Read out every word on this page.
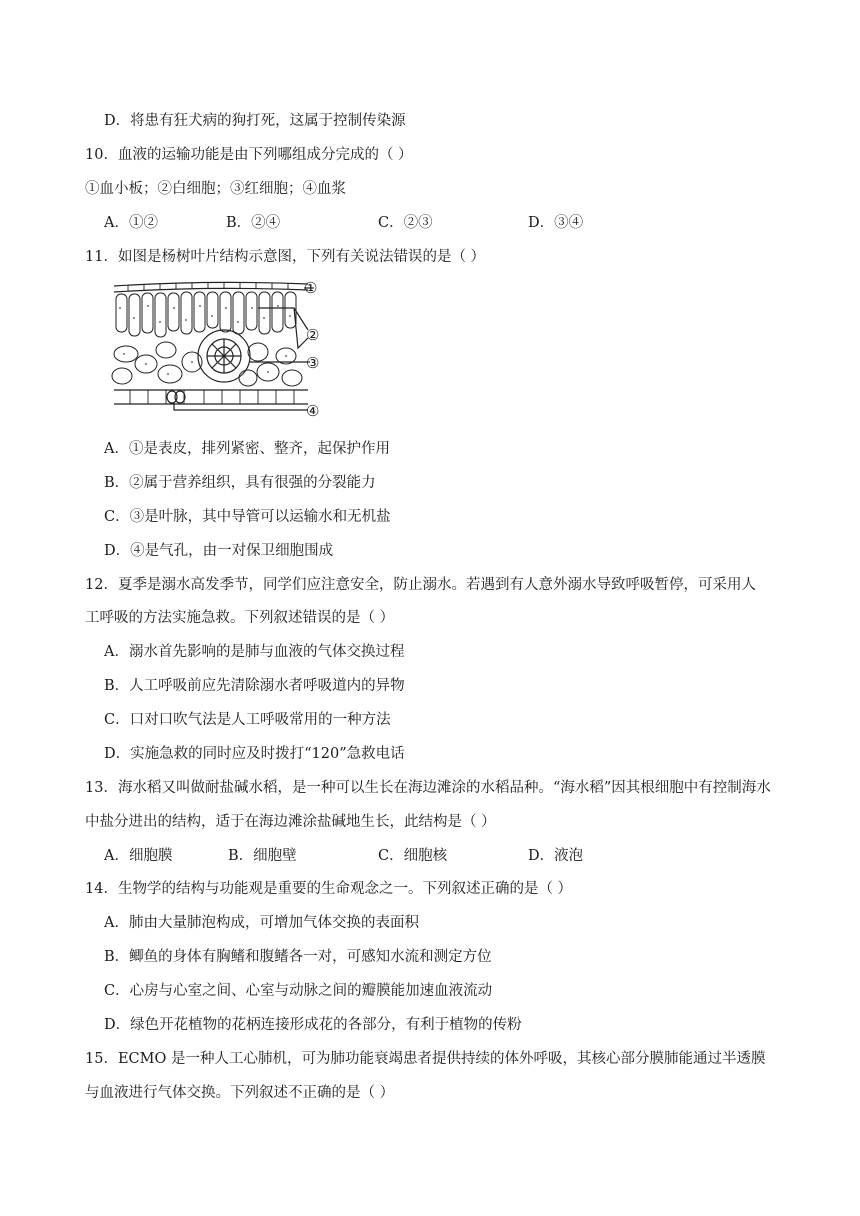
D．将患有狂犬病的狗打死，这属于控制传染源
10．血液的运输功能是由下列哪组成分完成的（ ）
①血小板；②白细胞；③红细胞；④血浆
A．①②	B．②④	C．②③	D．③④
11．如图是杨树叶片结构示意图，下列有关说法错误的是（ ）
①
②
③
④
A．①是表皮，排列紧密、整齐，起保护作用
B．②属于营养组织，具有很强的分裂能力
C．③是叶脉，其中导管可以运输水和无机盐
D．④是气孔，由一对保卫细胞围成
12．夏季是溺水高发季节，同学们应注意安全，防止溺水。若遇到有人意外溺水导致呼吸暂停，可采用人
工呼吸的方法实施急救。下列叙述错误的是（ ）
A．溺水首先影响的是肺与血液的气体交换过程
B．人工呼吸前应先清除溺水者呼吸道内的异物
C．口对口吹气法是人工呼吸常用的一种方法
D．实施急救的同时应及时拨打“120”急救电话
13．海水稻又叫做耐盐碱水稻，是一种可以生长在海边滩涂的水稻品种。“海水稻”因其根细胞中有控制海水
中盐分进出的结构，适于在海边滩涂盐碱地生长，此结构是（ ）
A．细胞膜	B．细胞壁	C．细胞核	D．液泡
14．生物学的结构与功能观是重要的生命观念之一。下列叙述正确的是（ ）
A．肺由大量肺泡构成，可增加气体交换的表面积
B．鲫鱼的身体有胸鳍和腹鳍各一对，可感知水流和测定方位
C．心房与心室之间、心室与动脉之间的瓣膜能加速血液流动
D．绿色开花植物的花柄连接形成花的各部分，有利于植物的传粉
15．ECMO 是一种人工心肺机，可为肺功能衰竭患者提供持续的体外呼吸，其核心部分膜肺能通过半透膜
与血液进行气体交换。下列叙述不正确的是（ ）
